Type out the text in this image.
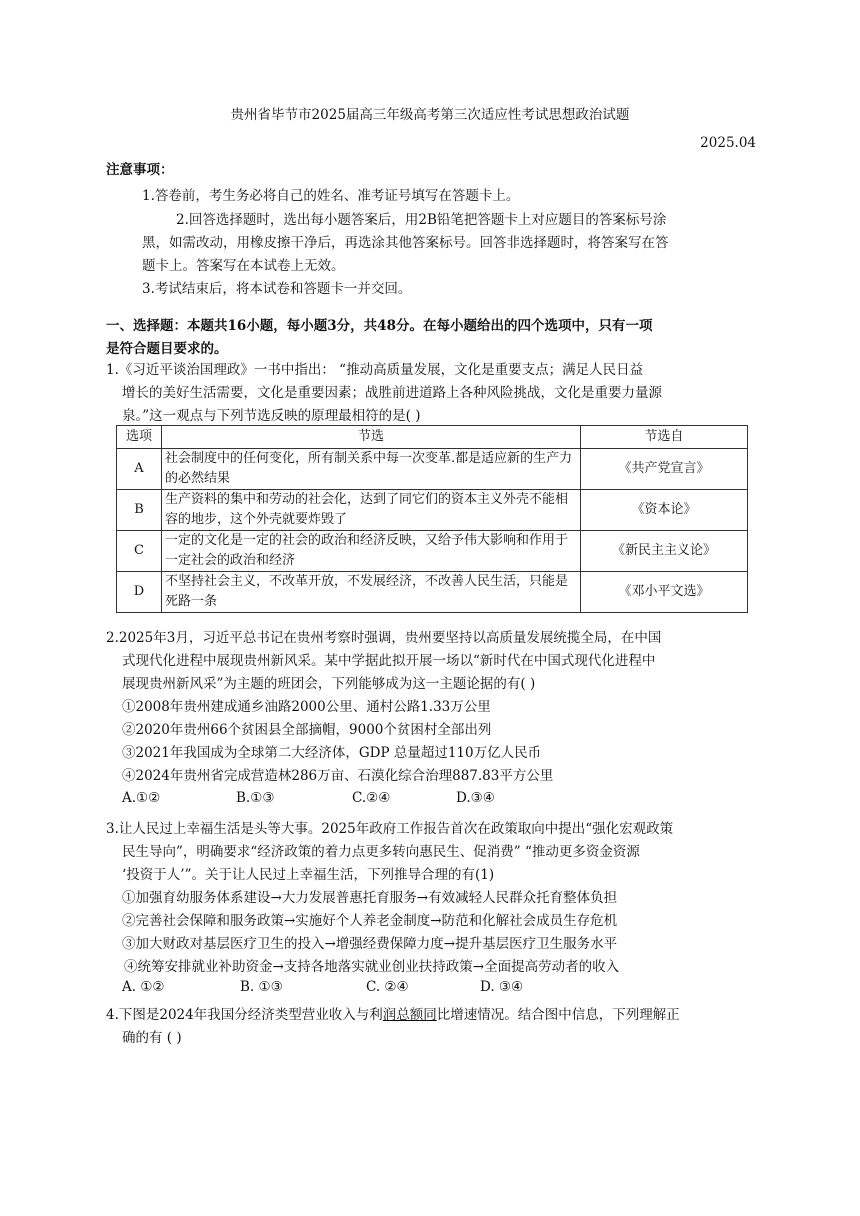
贵州省毕节市2025届高三年级高考第三次适应性考试思想政治试题
2025.04
注意事项：
1.答卷前，考生务必将自己的姓名、准考证号填写在答题卡上。
2.回答选择题时，选出每小题答案后，用2B铅笔把答题卡上对应题目的答案标号涂
黑，如需改动，用橡皮擦干净后，再选涂其他答案标号。回答非选择题时，将答案写在答
题卡上。答案写在本试卷上无效。
3.考试结束后，将本试卷和答题卡一并交回。
一、选择题：本题共16小题，每小题3分，共48分。在每小题给出的四个选项中，只有一项
是符合题目要求的。
1.《习近平谈治国理政》一书中指出： “推动高质量发展，文化是重要支点；满足人民日益
增长的美好生活需要，文化是重要因素；战胜前进道路上各种风险挑战，文化是重要力量源
泉。”这一观点与下列节选反映的原理最相符的是( )
选项	节选	节选自
A	社会制度中的任何变化，所有制关系中每一次变革.都是适应新的生产力的必然结果	《共产党宣言》
B	生产资料的集中和劳动的社会化，达到了同它们的资本主义外壳不能相容的地步，这个外壳就要炸毁了	《资本论》
C	一定的文化是一定的社会的政治和经济反映，又给予伟大影响和作用于一定社会的政治和经济	《新民主主义论》
D	不坚持社会主义，不改革开放，不发展经济，不改善人民生活，只能是死路一条	《邓小平文选》
2.2025年3月，习近平总书记在贵州考察时强调，贵州要坚持以高质量发展统揽全局，在中国
式现代化进程中展现贵州新风采。某中学据此拟开展一场以“新时代在中国式现代化进程中
展现贵州新风采”为主题的班团会，下列能够成为这一主题论据的有( )
①2008年贵州建成通乡油路2000公里、通村公路1.33万公里
②2020年贵州66个贫困县全部摘帽，9000个贫困村全部出列
③2021年我国成为全球第二大经济体，GDP 总量超过110万亿人民币
④2024年贵州省完成营造林286万亩、石漠化综合治理887.83平方公里
A.①②	B.①③	C.②④	D.③④
3.让人民过上幸福生活是头等大事。2025年政府工作报告首次在政策取向中提出“强化宏观政策
民生导向”，明确要求“经济政策的着力点更多转向惠民生、促消费” “推动更多资金资源
‘投资于人’”。关于让人民过上幸福生活，下列推导合理的有(1)
①加强育幼服务体系建设→大力发展普惠托育服务→有效减轻人民群众托育整体负担
②完善社会保障和服务政策→实施好个人养老金制度→防范和化解社会成员生存危机
③加大财政对基层医疗卫生的投入→增强经费保障力度→提升基层医疗卫生服务水平
④统筹安排就业补助资金→支持各地落实就业创业扶持政策→全面提高劳动者的收入
A. ①②	B. ①③	C. ②④	D. ③④
4.下图是2024年我国分经济类型营业收入与利润总额同比增速情况。结合图中信息，下列理解正
确的有 ( )
